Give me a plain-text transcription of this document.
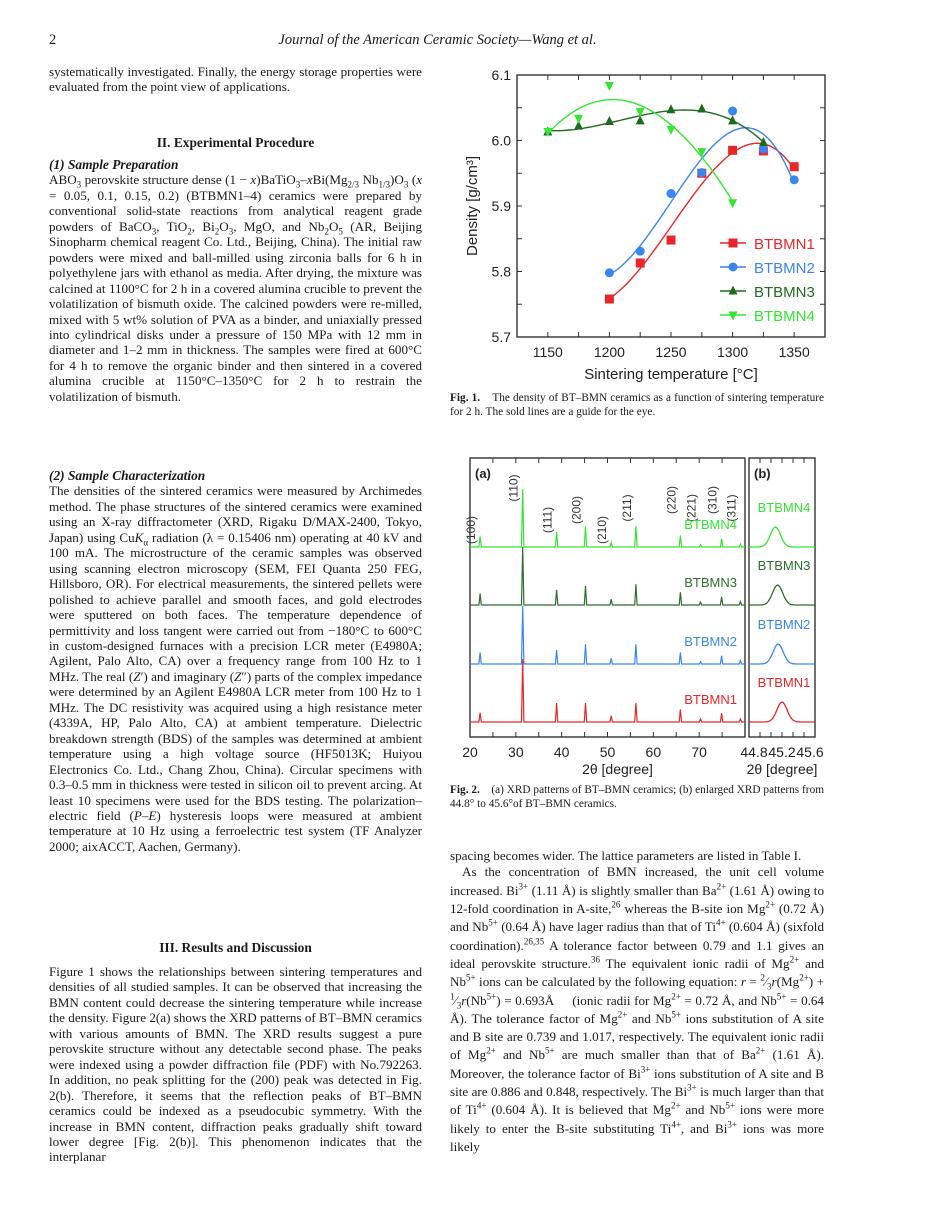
2	Journal of the American Ceramic Society—Wang et al.

systematically investigated. Finally, the energy storage properties were evaluated from the point view of applications.

II. Experimental Procedure
(1) Sample Preparation

$ABO_3$ perovskite structure dense $(1 - x)BaTiO_3-xBi(Mg_{2/3}$ $Nb_{1/3})O_3$ (x = 0.05, 0.1, 0.15, 0.2) (BTBMN1–4) ceramics were prepared by conventional solid-state reactions from analytical reagent grade powders of BaCO$_3$, TiO$_2$, $Bi_2O_3$, MgO, and $Nb_2O_5$ (AR, Beijing Sinopharm chemical reagent Co. Ltd., Beijing, China). The initial raw powders were mixed and ball-milled using zirconia balls for 6 h in polyethylene jars with ethanol as media. After drying, the mixture was calcined at 1100°C for 2 h in a covered alumina crucible to prevent the volatilization of bismuth oxide. The calcined powders were re-milled, mixed with 5 wt% solution of PVA as a binder, and uniaxially pressed into cylindrical disks under a pressure of 150 MPa with 12 mm in diameter and 1–2 mm in thickness. The samples were fired at 600°C for 4 h to remove the organic binder and then sintered in a covered alumina crucible at 1150°C–1350°C for 2 h to restrain the volatilization of bismuth.

(2) Sample Characterization

The densities of the sintered ceramics were measured by Archimedes method. The phase structures of the sintered ceramics were examined using an X-ray diffractometer (XRD, Rigaku D/MAX-2400, Tokyo, Japan) using CuK$_\alpha$ radiation (λ = 0.15406 nm) operating at 40 kV and 100 mA. The microstructure of the ceramic samples was observed using scanning electron microscopy (SEM, FEI Quanta 250 FEG, Hillsboro, OR). For electrical measurements, the sintered pellets were polished to achieve parallel and smooth faces, and gold electrodes were sputtered on both faces. The temperature dependence of permittivity and loss tangent were carried out from −180°C to 600°C in custom-designed furnaces with a precision LCR meter (E4980A; Agilent, Palo Alto, CA) over a frequency range from 100 Hz to 1 MHz. The real (Z′) and imaginary (Z″) parts of the complex impedance were determined by an Agilent E4980A LCR meter from 100 Hz to 1 MHz. The DC resistivity was acquired using a high resistance meter (4339A, HP, Palo Alto, CA) at ambient temperature. Dielectric breakdown strength (BDS) of the samples was determined at ambient temperature using a high voltage source (HF5013K; Huiyou Electronics Co. Ltd., Chang Zhou, China). Circular specimens with 0.3–0.5 mm in thickness were tested in silicon oil to prevent arcing. At least 10 specimens were used for the BDS testing. The polarization–electric field (P–E) hysteresis loops were measured at ambient temperature at 10 Hz using a ferroelectric test system (TF Analyzer 2000; aixACCT, Aachen, Germany).

III. Results and Discussion

Figure 1 shows the relationships between sintering temperatures and densities of all studied samples. It can be observed that increasing the BMN content could decrease the sintering temperature while increase the density. Figure 2(a) shows the XRD patterns of BT–BMN ceramics with various amounts of BMN. The XRD results suggest a pure perovskite structure without any detectable second phase. The peaks were indexed using a powder diffraction file (PDF) with No.792263. In addition, no peak splitting for the (200) peak was detected in Fig. 2(b). Therefore, it seems that the reflection peaks of BT–BMN ceramics could be indexed as a pseudocubic symmetry. With the increase in BMN content, diffraction peaks gradually shift toward lower degree [Fig. 2(b)]. This phenomenon indicates that the interplanar

1150 1200 1250 1300 1350
5.7
5.8
5.9
6.0
6.1
Sintering temperature [°C]
Density [g/cm³]	BTBMN1
BTBMN2
BTBMN3
BTBMN4
Fig. 1. The density of BT–BMN ceramics as a function of sintering temperature for 2 h. The sold lines are a guide for the eye.
20 30 40 50 60 70 44.8 45.2 45.6
2θ [degree]	2θ [degree]
(a)	(b)
(100)
(110)
(111) (200)
(210)
(211)	(220) (221) (310) (311)
BTBMN4
BTBMN4
BTBMN3
BTBMN3
BTBMN2
BTBMN2
BTBMN1
BTBMN1
Fig. 2. (a) XRD patterns of BT–BMN ceramics; (b) enlarged XRD patterns from 44.8° to 45.6°of BT–BMN ceramics.

spacing becomes wider. The lattice parameters are listed in Table I.

As the concentration of BMN increased, the unit cell volume increased. $Bi^{3+}$ (1.11 Å) is slightly smaller than $Ba^{2+}$ (1.61 Å) owing to 12-fold coordination in A-site,$^{26}$ whereas the B-site ion $Mg^{2+}$ (0.72 Å) and $Nb^{5+}$ (0.64 Å) have lager radius than that of $Ti^{4+}$ (0.604 Å) (sixfold coordination).$^{26,35}$ A tolerance factor between 0.79 and 1.1 gives an ideal perovskite structure.$^{36}$ The equivalent ionic radii of $Mg^{2+}$ and $Nb^{5+}$ ions can be calculated by the following equation: $r = ^2⁄_3r(Mg^{2+})$ + $^1⁄_3r(Nb^{5+})$ = 0.693Å     (ionic radii for $Mg^{2+} = 0.72$ Å, and $Nb^{5+} = 0.64$ Å). The tolerance factor of $Mg^{2+}$ and $Nb^{5+}$ ions substitution of A site and B site are 0.739 and 1.017, respectively. The equivalent ionic radii of $Mg^{2+}$ and $Nb^{5+}$ are much smaller than that of $Ba^{2+}$ (1.61 Å). Moreover, the tolerance factor of $Bi^{3+}$ ions substitution of A site and B site are 0.886 and 0.848, respectively. The $Bi^{3+}$ is much larger than that of $Ti^{4+}$ (0.604 Å). It is believed that $Mg^{2+}$ and $Nb^{5+}$ ions were more likely to enter the B-site substituting $Ti^{4+}$, and $Bi^{3+}$ ions was more likely
